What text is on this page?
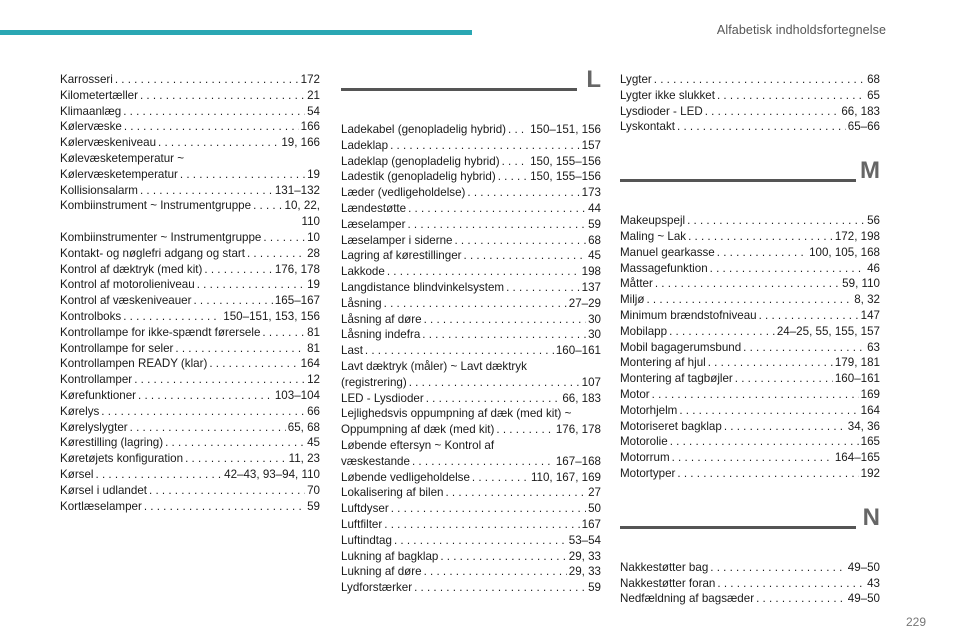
Alfabetisk indholdsfortegnelse
Karrosseri . . .	172
Kilometertæller . . .	21
Klimaanlæg . . .	54
Kølervæske . . .	166
Kølervæskeniveau . . .	19, 166
Kølevæsketemperatur ~
Kølervæsketemperatur . . .	19
Kollisionsalarm . . .	131–132
Kombiinstrument ~ Instrumentgruppe . . .	10, 22,
110
Kombiinstrumenter ~ Instrumentgruppe . . .	10
Kontakt- og nøglefri adgang og start . . .	28
Kontrol af dæktryk (med kit) . . .	176, 178
Kontrol af motorolieniveau . . .	19
Kontrol af væskeniveauer . . .	165–167
Kontrolboks . . .	150–151, 153, 156
Kontrollampe for ikke-spændt førersele . . .	81
Kontrollampe for seler . . .	81
Kontrollampen READY (klar) . . .	164
Kontrollamper . . .	12
Kørefunktioner . . .	103–104
Kørelys . . .	66
Kørelyslygter . . .	65, 68
Kørestilling (lagring) . . .	45
Køretøjets konfiguration . . .	11, 23
Kørsel . . .	42–43, 93–94, 110
Kørsel i udlandet . . .	70
Kortlæselamper . . .	59
L
Ladekabel (genopladelig hybrid) . . . 150–151, 156
Ladeklap . . .	157
Ladeklap (genopladelig hybrid) . . .	150, 155–156
Ladestik (genopladelig hybrid) . . .	150, 155–156
Læder (vedligeholdelse) . . .	173
Lændestøtte . . .	44
Læselamper . . .	59
Læselamper i siderne . . .	68
Lagring af kørestillinger . . .	45
Lakkode . . .	198
Langdistance blindvinkelsystem . . .	137
Låsning . . .	27–29
Låsning af døre . . .	30
Låsning indefra . . .	30
Last . . .	160–161
Lavt dæktryk (måler) ~ Lavt dæktryk
(registrering) . . .	107
LED - Lysdioder . . .	66, 183
Lejlighedsvis oppumpning af dæk (med kit) ~
Oppumpning af dæk (med kit) . . .	176, 178
Løbende eftersyn ~ Kontrol af
væskestande . . .	167–168
Løbende vedligeholdelse . . .	110, 167, 169
Lokalisering af bilen . . .	27
Luftdyser . . .	50
Luftfilter . . .	167
Luftindtag . . .	53–54
Lukning af bagklap . . .	29, 33
Lukning af døre . . .	29, 33
Lydforstærker . . .	59
Lygter . . .	68
Lygter ikke slukket . . .	65
Lysdioder - LED . . .	66, 183
Lyskontakt . . .	65–66
M
Makeupspejl . . .	56
Maling ~ Lak . . .	172, 198
Manuel gearkasse . . .	100, 105, 168
Massagefunktion . . .	46
Måtter . . .	59, 110
Miljø . . .	8, 32
Minimum brændstofniveau . . .	147
Mobilapp . . .	24–25, 55, 155, 157
Mobil bagagerumsbund . . .	63
Montering af hjul . . .	179, 181
Montering af tagbøjler . . .	160–161
Motor . . .	169
Motorhjelm . . .	164
Motoriseret bagklap . . .	34, 36
Motorolie . . .	165
Motorrum . . .	164–165
Motortyper . . .	192
N
Nakkestøtter bag . . .	49–50
Nakkestøtter foran . . .	43
Nedfældning af bagsæder . . .	49–50
229
